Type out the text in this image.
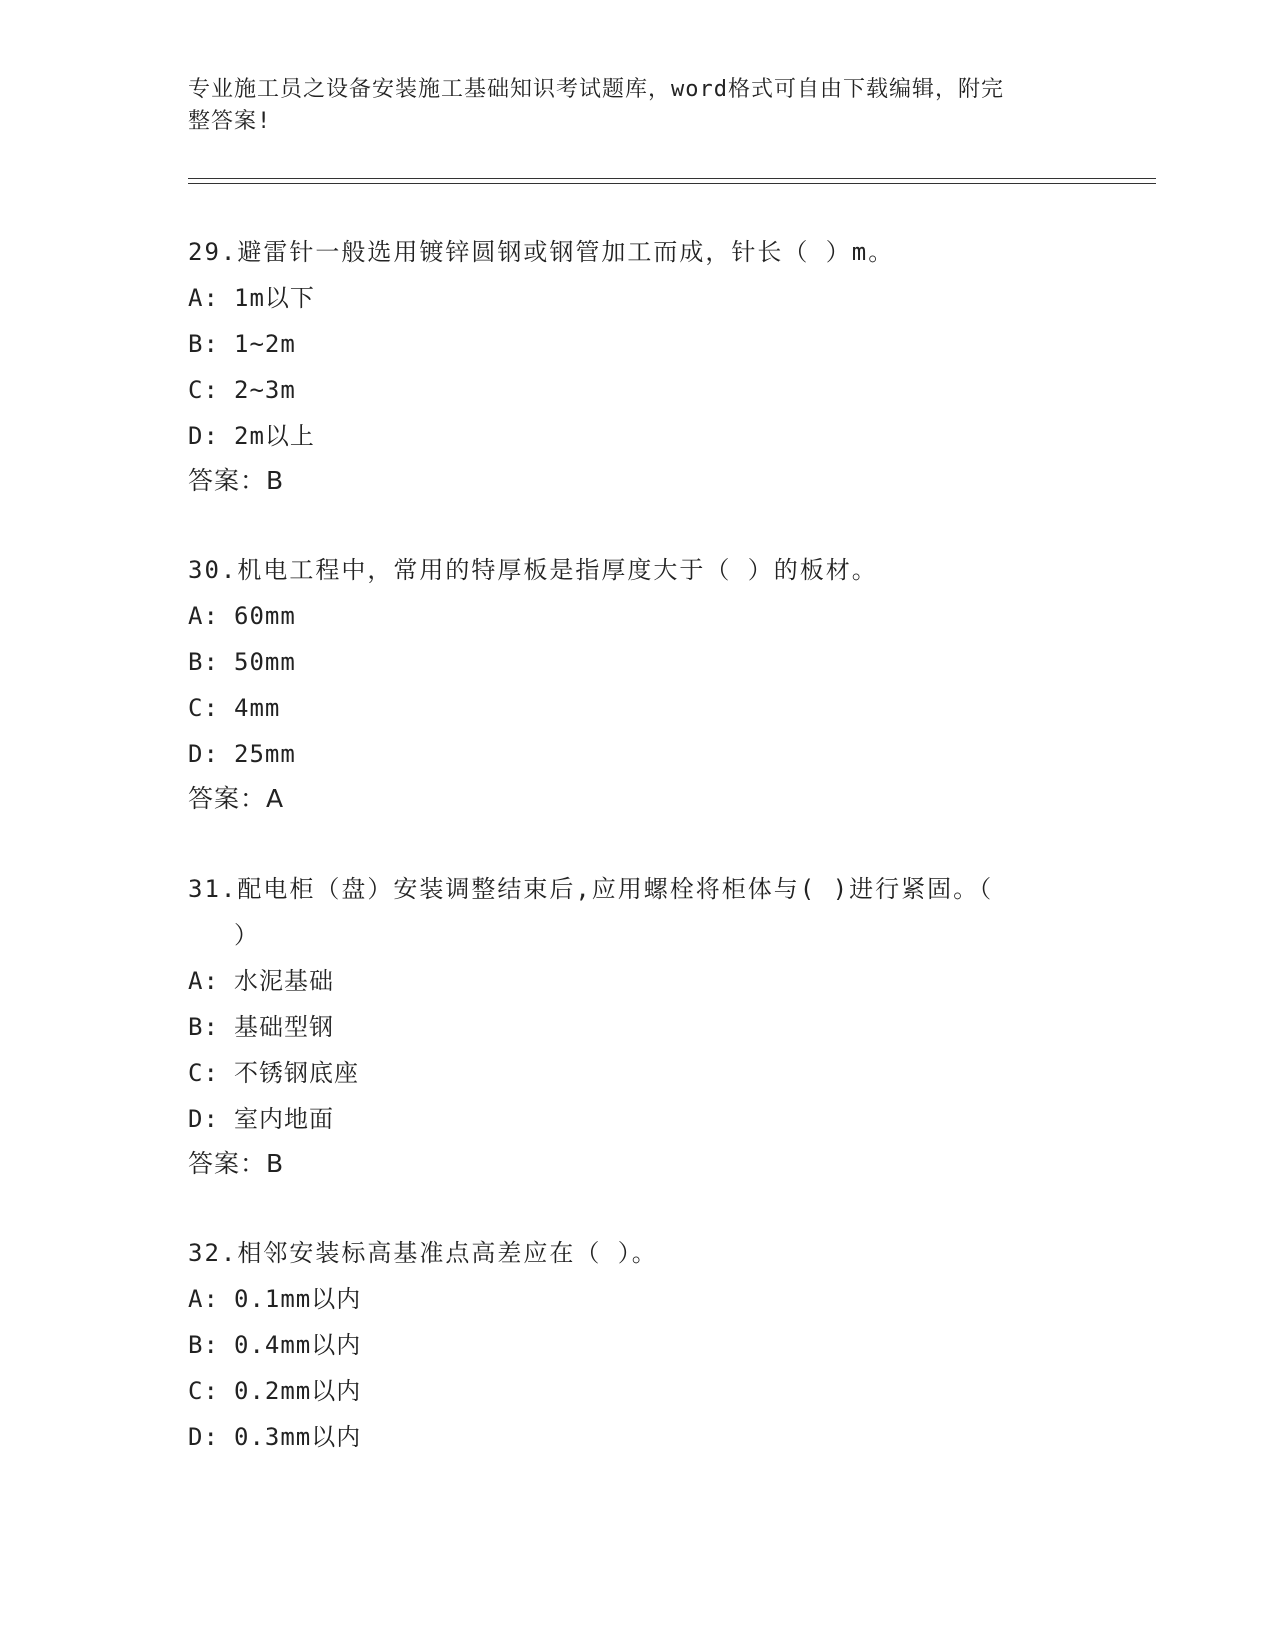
专业施工员之设备安装施工基础知识考试题库，word格式可自由下载编辑，附完
整答案!
29.避雷针一般选用镀锌圆钢或钢管加工而成，针长（ ）m。
A: 1m以下
B: 1~2m
C: 2~3m
D: 2m以上
答案：B
30.机电工程中，常用的特厚板是指厚度大于（ ）的板材。
A: 60mm
B: 50mm
C: 4mm
D: 25mm
答案：A
31.配电柜（盘）安装调整结束后,应用螺栓将柜体与( )进行紧固。（
）
A: 水泥基础
B: 基础型钢
C: 不锈钢底座
D: 室内地面
答案：B
32.相邻安装标高基准点高差应在（ ）。
A: 0.1mm以内
B: 0.4mm以内
C: 0.2mm以内
D: 0.3mm以内
